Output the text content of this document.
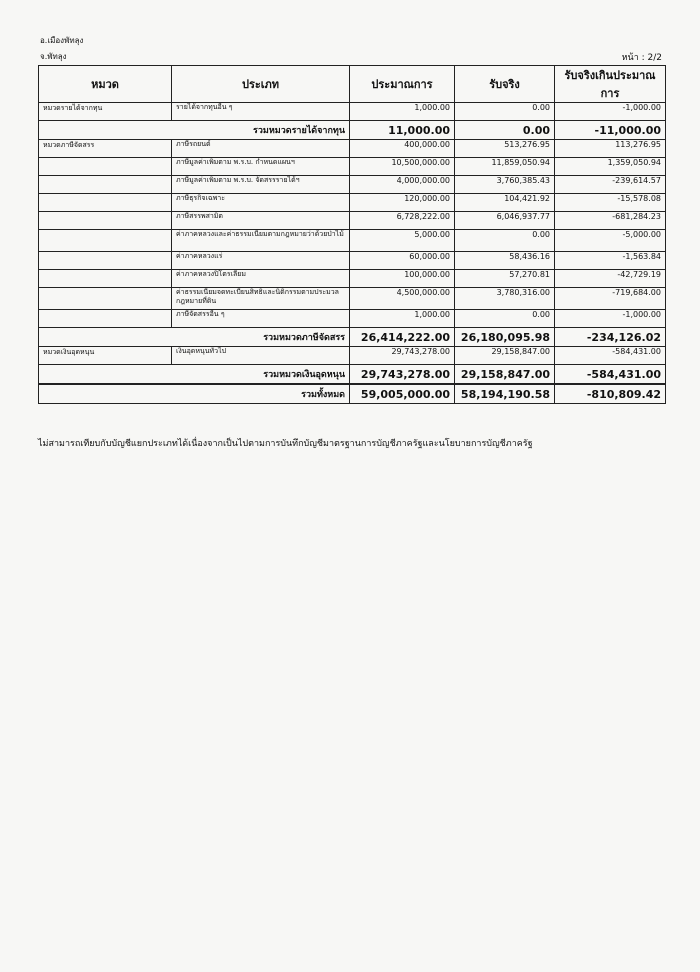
อ.เมืองพัทลุง
จ.พัทลุง	หน้า : 2/2
หมวด	ประเภท	ประมาณการ	รับจริง	รับจริงเกินประมาณการ
หมวดรายได้จากทุน	รายได้จากทุนอื่น ๆ	1,000.00	0.00	-1,000.00
รวมหมวดรายได้จากทุน		11,000.00	0.00	-11,000.00
หมวดภาษีจัดสรร	ภาษีรถยนต์	400,000.00	513,276.95	113,276.95
	ภาษีมูลค่าเพิ่มตาม พ.ร.บ. กำหนดแผนฯ	10,500,000.00	11,859,050.94	1,359,050.94
	ภาษีมูลค่าเพิ่มตาม พ.ร.บ. จัดสรรรายได้ฯ	4,000,000.00	3,760,385.43	-239,614.57
	ภาษีธุรกิจเฉพาะ	120,000.00	104,421.92	-15,578.08
	ภาษีสรรพสามิต	6,728,222.00	6,046,937.77	-681,284.23
	ค่าภาคหลวงและค่าธรรมเนียมตามกฎหมายว่าด้วยป่าไม้	5,000.00	0.00	-5,000.00
	ค่าภาคหลวงแร่	60,000.00	58,436.16	-1,563.84
	ค่าภาคหลวงปิโตรเลียม	100,000.00	57,270.81	-42,729.19
	ค่าธรรมเนียมจดทะเบียนสิทธิและนิติกรรมตามประมวลกฎหมายที่ดิน	4,500,000.00	3,780,316.00	-719,684.00
	ภาษีจัดสรรอื่น ๆ	1,000.00	0.00	-1,000.00
รวมหมวดภาษีจัดสรร		26,414,222.00	26,180,095.98	-234,126.02
หมวดเงินอุดหนุน	เงินอุดหนุนทั่วไป	29,743,278.00	29,158,847.00	-584,431.00
รวมหมวดเงินอุดหนุน		29,743,278.00	29,158,847.00	-584,431.00
รวมทั้งหมด		59,005,000.00	58,194,190.58	-810,809.42
ไม่สามารถเทียบกับบัญชีแยกประเภทได้เนื่องจากเป็นไปตามการบันทึกบัญชีมาตรฐานการบัญชีภาครัฐและนโยบายการบัญชีภาครัฐ
